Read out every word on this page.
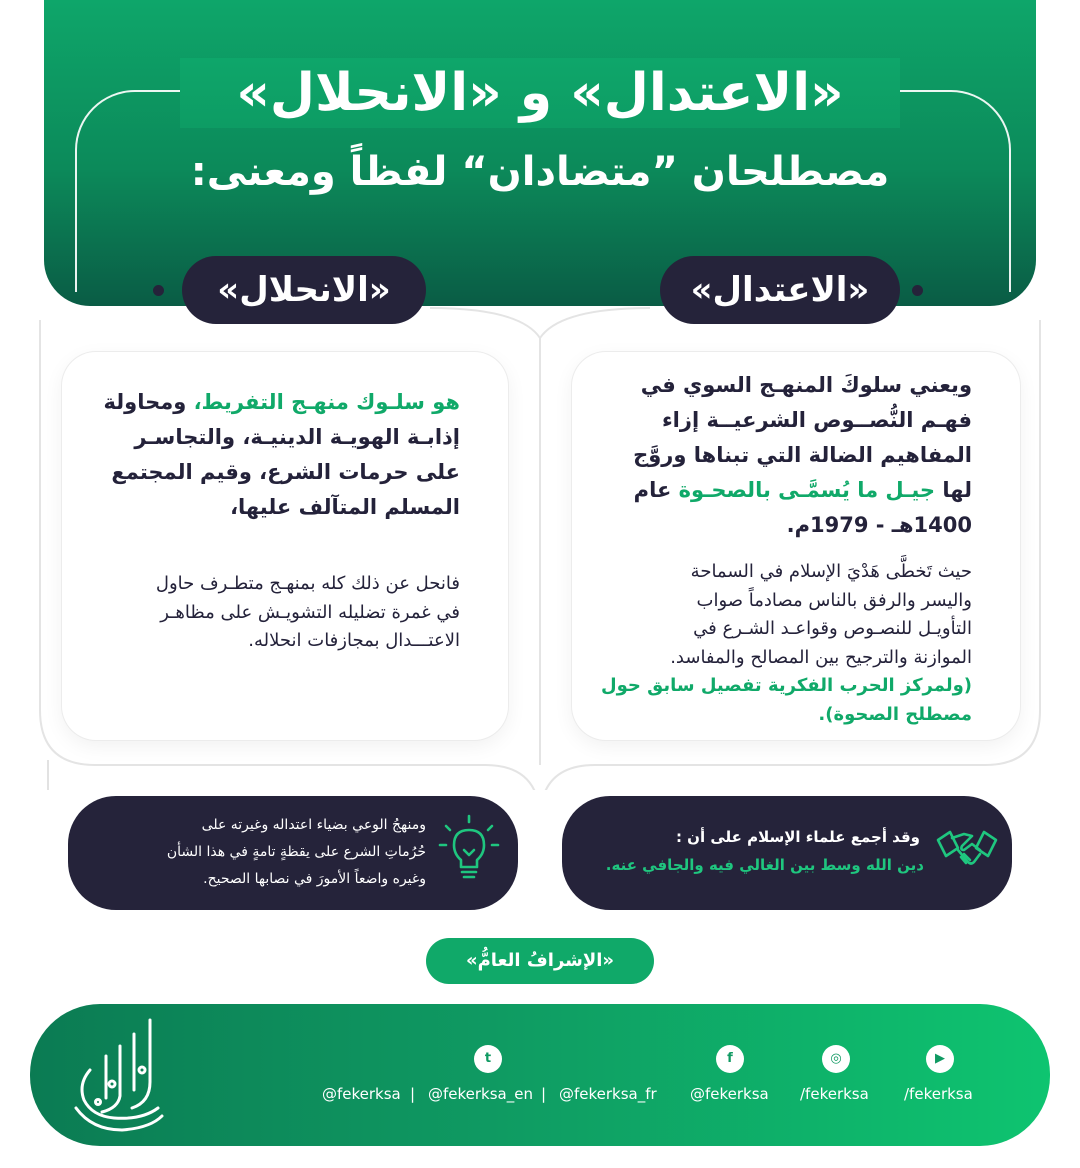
«الاعتدال» و «الانحلال»
مصطلحان ”متضادان“ لفظاً ومعنى:
«الاعتدال»
«الانحلال»
ويعني سلوكَ المنهـج السوي في
فهـم النُّصــوص الشرعيــة إزاء
المفاهيم الضالة التي تبناها وروَّج
لها جيـل ما يُسمَّـى بالصحـوة عام
1400هـ - 1979م.
حيث تَخطَّى هَدْيَ الإسلام في السماحة
واليسر والرفق بالناس مصادماً صواب
التأويـل للنصـوص وقواعـد الشـرع في
الموازنة والترجيح بين المصالح والمفاسد.
(ولمركز الحرب الفكرية تفصيل سابق حول
مصطلح الصحوة).
هو سلـوك منهـج التفريط، ومحاولة
إذابـة الهويـة الدينيـة، والتجاسـر
على حرمات الشرع، وقيم المجتمع
المسلم المتآلف عليها،
فانحل عن ذلك كله بمنهـج متطـرف حاول
في غمرة تضليله التشويـش على مظاهـر
الاعتـــدال بمجازفات انحلاله.
وقد أجمع علماء الإسلام على أن :
دين الله وسط بين الغالي فيه والجافي عنه.
ومنهجُ الوعي بضياء اعتداله وغيرته على
حُرُماتِ الشرع على يقظةٍ تامةٍ في هذا الشأن
وغيره واضعاً الأمورَ في نصابها الصحيح.
«الإشرافُ العامُّ»
t	f	◎	▶
@fekerksa | @fekerksa_en | @fekerksa_fr @fekerksa /fekerksa /fekerksa
